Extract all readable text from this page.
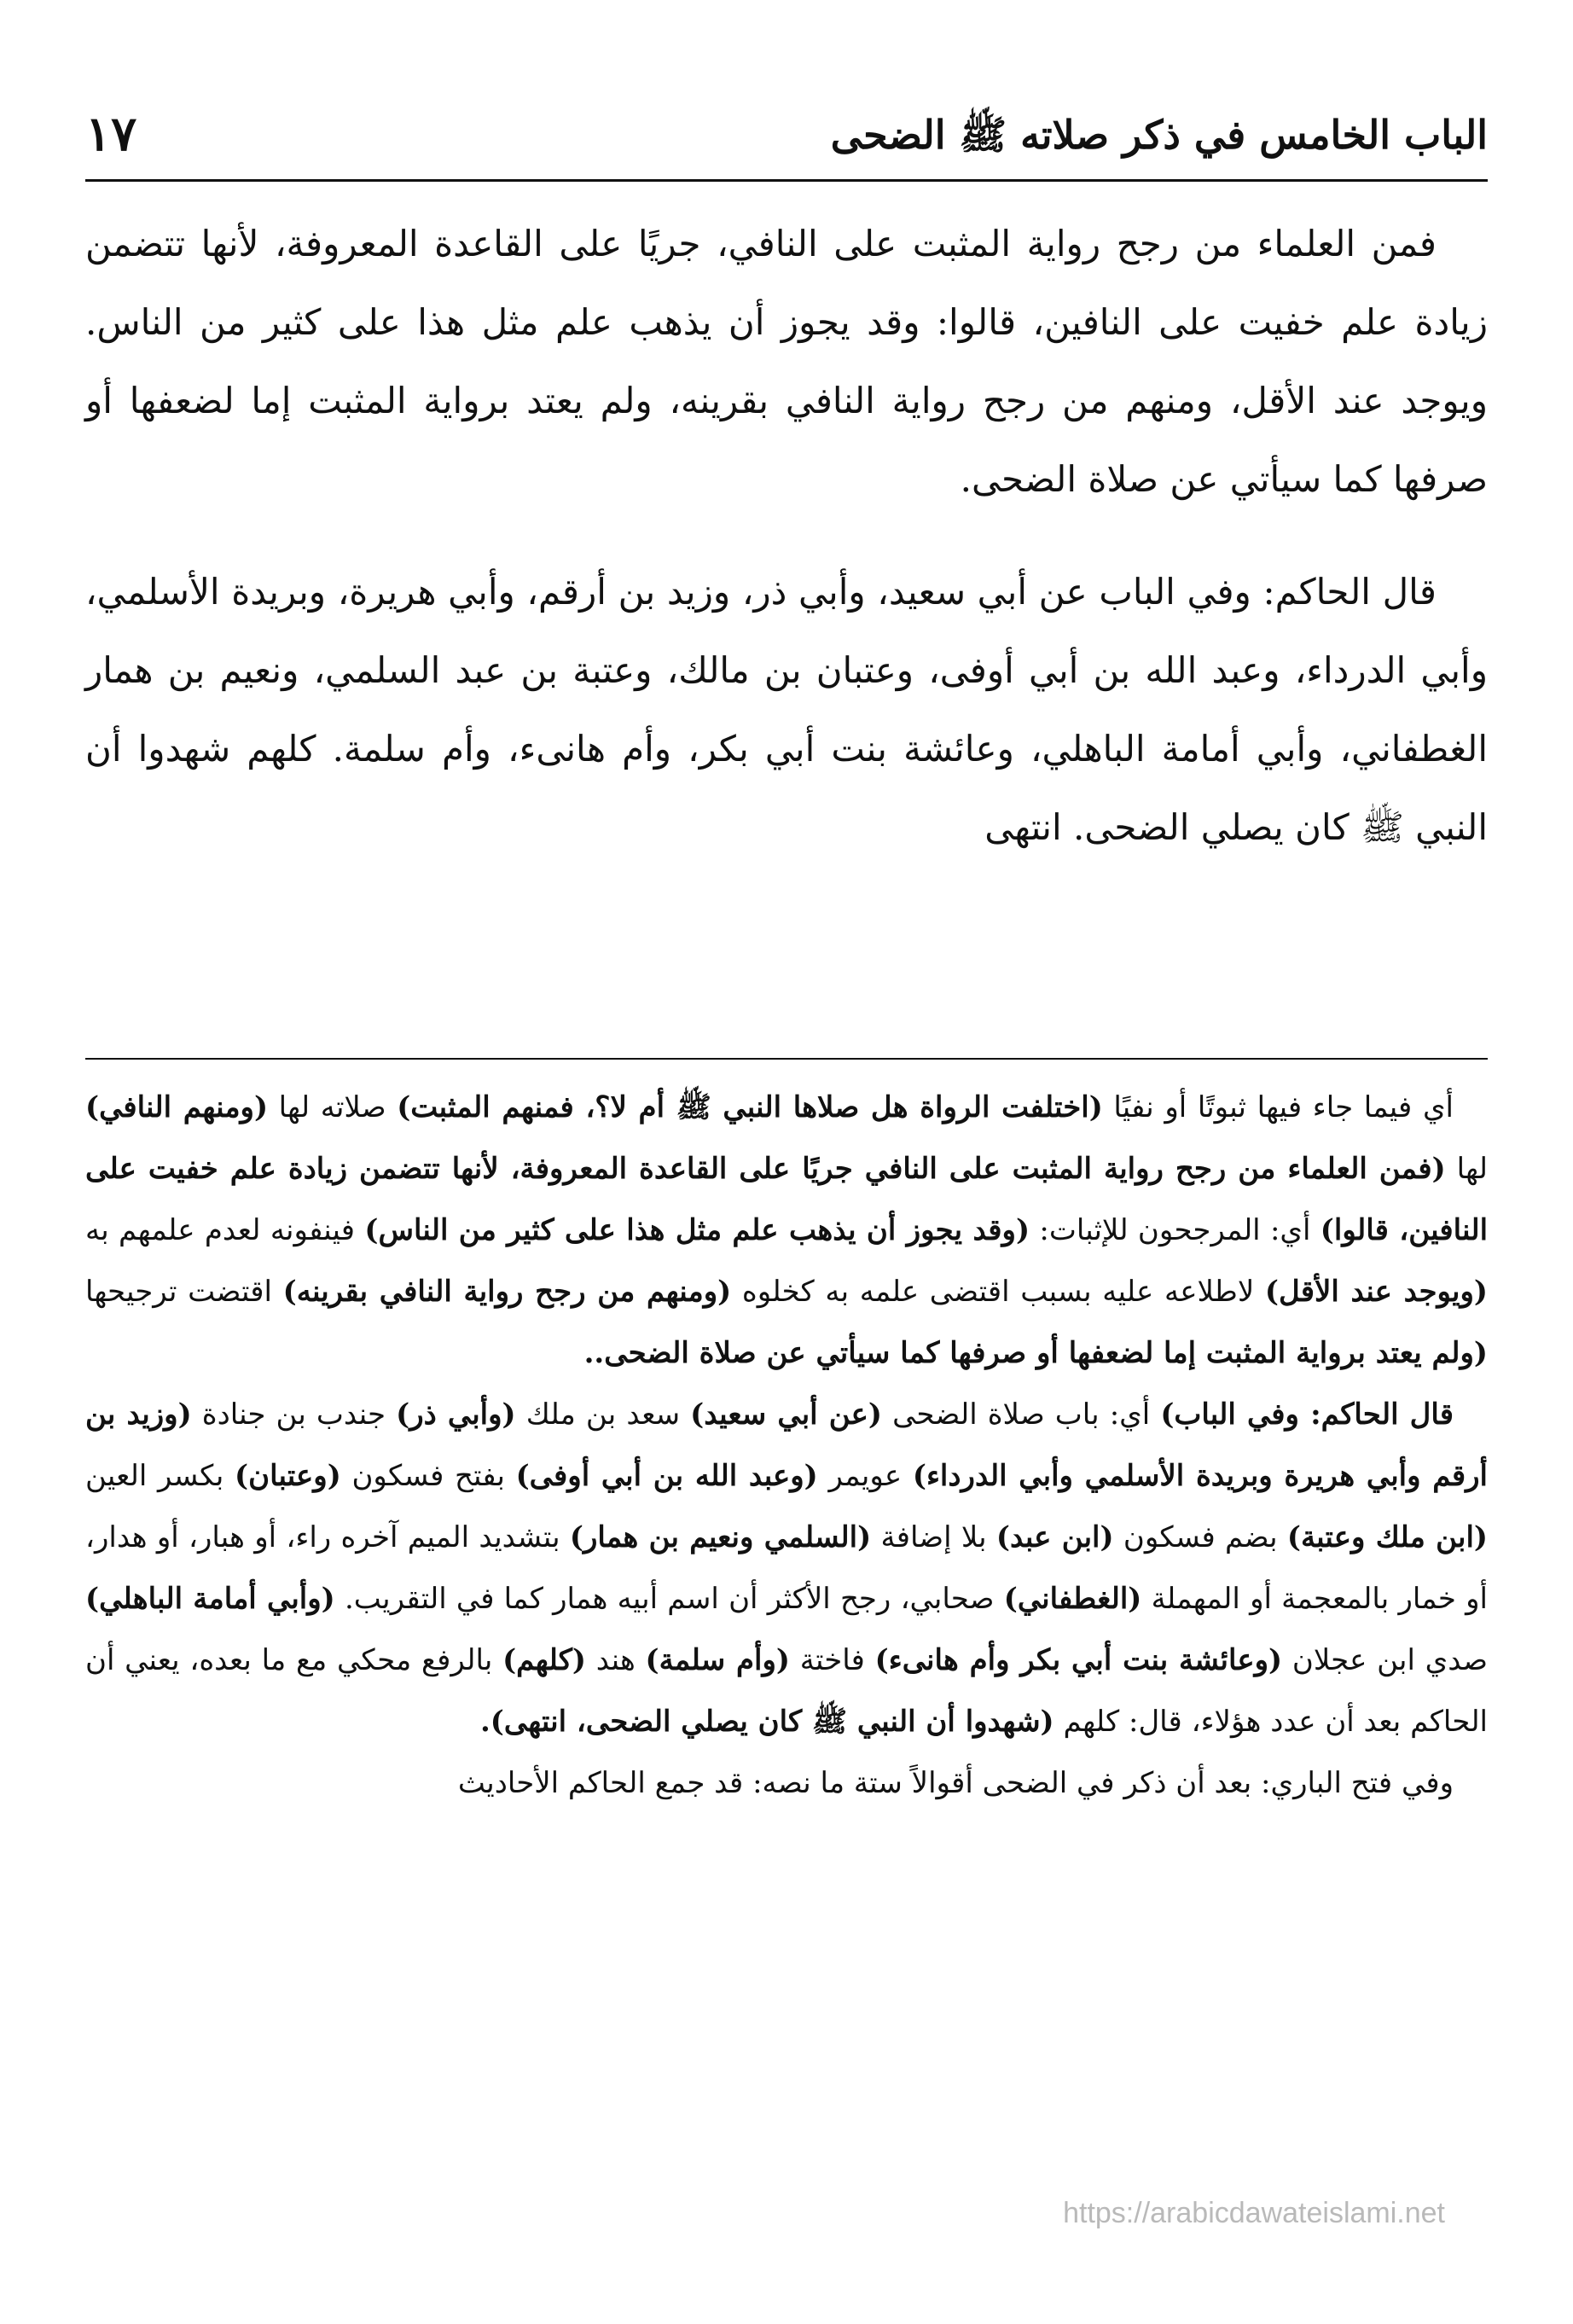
الباب الخامس في ذكر صلاته ﷺ الضحى
١٧

فمن العلماء من رجح رواية المثبت على النافي، جريًا على القاعدة المعروفة، لأنها تتضمن زيادة علم خفيت على النافين، قالوا: وقد يجوز أن يذهب علم مثل هذا على كثير من الناس. ويوجد عند الأقل، ومنهم من رجح رواية النافي بقرينه، ولم يعتد برواية المثبت إما لضعفها أو صرفها كما سيأتي عن صلاة الضحى.

قال الحاكم: وفي الباب عن أبي سعيد، وأبي ذر، وزيد بن أرقم، وأبي هريرة، وبريدة الأسلمي، وأبي الدرداء، وعبد الله بن أبي أوفى، وعتبان بن مالك، وعتبة بن عبد السلمي، ونعيم بن همار الغطفاني، وأبي أمامة الباهلي، وعائشة بنت أبي بكر، وأم هانىء، وأم سلمة. كلهم شهدوا أن النبي ﷺ كان يصلي الضحى. انتهى

أي فيما جاء فيها ثبوتًا أو نفيًا (اختلفت الرواة هل صلاها النبي ﷺ أم لا؟، فمنهم المثبت) صلاته لها (ومنهم النافي) لها (فمن العلماء من رجح رواية المثبت على النافي جريًا على القاعدة المعروفة، لأنها تتضمن زيادة علم خفيت على النافين، قالوا) أي: المرجحون للإثبات: (وقد يجوز أن يذهب علم مثل هذا على كثير من الناس) فينفونه لعدم علمهم به (ويوجد عند الأقل) لاطلاعه عليه بسبب اقتضى علمه به كخلوه (ومنهم من رجح رواية النافي بقرينه) اقتضت ترجيحها (ولم يعتد برواية المثبت إما لضعفها أو صرفها كما سيأتي عن صلاة الضحى..

قال الحاكم: وفي الباب) أي: باب صلاة الضحى (عن أبي سعيد) سعد بن ملك (وأبي ذر) جندب بن جنادة (وزيد بن أرقم وأبي هريرة وبريدة الأسلمي وأبي الدرداء) عويمر (وعبد الله بن أبي أوفى) بفتح فسكون (وعتبان) بكسر العين (ابن ملك وعتبة) بضم فسكون (ابن عبد) بلا إضافة (السلمي ونعيم بن همار) بتشديد الميم آخره راء، أو هبار، أو هدار، أو خمار بالمعجمة أو المهملة (الغطفاني) صحابي، رجح الأكثر أن اسم أبيه همار كما في التقريب. (وأبي أمامة الباهلي) صدي ابن عجلان (وعائشة بنت أبي بكر وأم هانىء) فاختة (وأم سلمة) هند (كلهم) بالرفع محكي مع ما بعده، يعني أن الحاكم بعد أن عدد هؤلاء، قال: كلهم (شهدوا أن النبي ﷺ كان يصلي الضحى، انتهى).

وفي فتح الباري: بعد أن ذكر في الضحى أقوالاً ستة ما نصه: قد جمع الحاكم الأحاديث

https://arabicdawateislami.net
